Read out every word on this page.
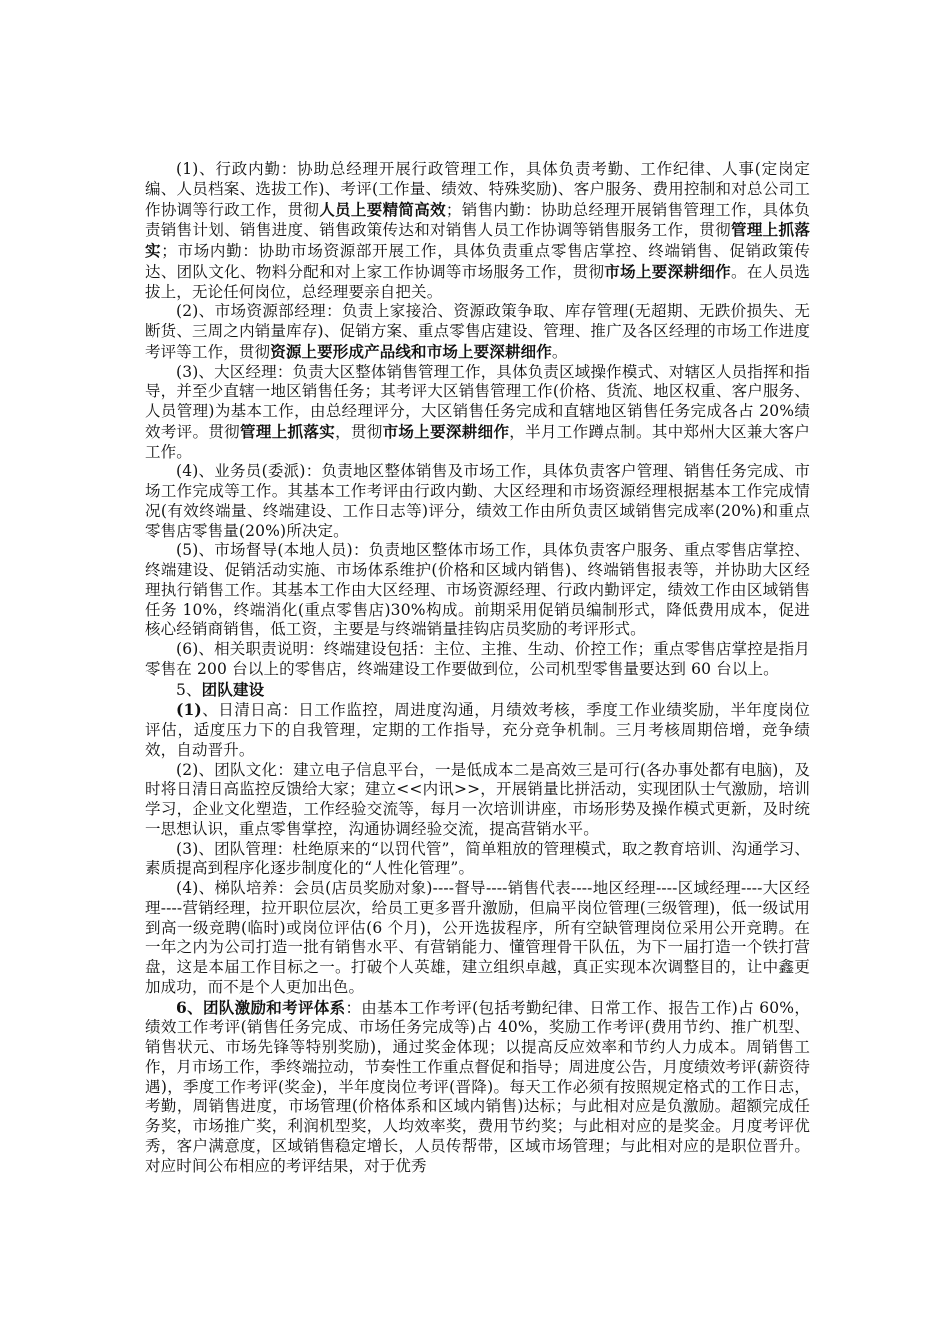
(1)、行政内勤：协助总经理开展行政管理工作，具体负责考勤、工作纪律、人事(定岗定编、人员档案、选拔工作)、考评(工作量、绩效、特殊奖励)、客户服务、费用控制和对总公司工作协调等行政工作，贯彻人员上要精简高效；销售内勤：协助总经理开展销售管理工作，具体负责销售计划、销售进度、销售政策传达和对销售人员工作协调等销售服务工作，贯彻管理上抓落实；市场内勤：协助市场资源部开展工作，具体负责重点零售店掌控、终端销售、促销政策传达、团队文化、物料分配和对上家工作协调等市场服务工作，贯彻市场上要深耕细作。在人员选拔上，无论任何岗位，总经理要亲自把关。

(2)、市场资源部经理：负责上家接洽、资源政策争取、库存管理(无超期、无跌价损失、无断货、三周之内销量库存)、促销方案、重点零售店建设、管理、推广及各区经理的市场工作进度考评等工作，贯彻资源上要形成产品线和市场上要深耕细作。

(3)、大区经理：负责大区整体销售管理工作，具体负责区域操作模式、对辖区人员指挥和指导，并至少直辖一地区销售任务；其考评大区销售管理工作(价格、货流、地区权重、客户服务、人员管理)为基本工作，由总经理评分，大区销售任务完成和直辖地区销售任务完成各占 20%绩效考评。贯彻管理上抓落实，贯彻市场上要深耕细作，半月工作蹲点制。其中郑州大区兼大客户工作。

(4)、业务员(委派)：负责地区整体销售及市场工作，具体负责客户管理、销售任务完成、市场工作完成等工作。其基本工作考评由行政内勤、大区经理和市场资源经理根据基本工作完成情况(有效终端量、终端建设、工作日志等)评分，绩效工作由所负责区域销售完成率(20%)和重点零售店零售量(20%)所决定。

(5)、市场督导(本地人员)：负责地区整体市场工作，具体负责客户服务、重点零售店掌控、终端建设、促销活动实施、市场体系维护(价格和区域内销售)、终端销售报表等，并协助大区经理执行销售工作。其基本工作由大区经理、市场资源经理、行政内勤评定，绩效工作由区域销售任务 10%，终端消化(重点零售店)30%构成。前期采用促销员编制形式，降低费用成本，促进核心经销商销售，低工资，主要是与终端销量挂钩店员奖励的考评形式。

(6)、相关职责说明：终端建设包括：主位、主推、生动、价控工作；重点零售店掌控是指月零售在 200 台以上的零售店，终端建设工作要做到位，公司机型零售量要达到 60 台以上。

5、团队建设

(1)、日清日高：日工作监控，周进度沟通，月绩效考核，季度工作业绩奖励，半年度岗位评估，适度压力下的自我管理，定期的工作指导，充分竞争机制。三月考核周期倍增，竞争绩效，自动晋升。

(2)、团队文化：建立电子信息平台，一是低成本二是高效三是可行(各办事处都有电脑)，及时将日清日高监控反馈给大家；建立<<内讯>>，开展销量比拼活动，实现团队士气激励，培训学习，企业文化塑造，工作经验交流等，每月一次培训讲座，市场形势及操作模式更新，及时统一思想认识，重点零售掌控，沟通协调经验交流，提高营销水平。

(3)、团队管理：杜绝原来的“以罚代管”，简单粗放的管理模式，取之教育培训、沟通学习、素质提高到程序化逐步制度化的“人性化管理”。

(4)、梯队培养：会员(店员奖励对象)----督导----销售代表----地区经理----区域经理----大区经理----营销经理，拉开职位层次，给员工更多晋升激励，但扁平岗位管理(三级管理)，低一级试用到高一级竞聘(临时)或岗位评估(6 个月)，公开选拔程序，所有空缺管理岗位采用公开竞聘。在一年之内为公司打造一批有销售水平、有营销能力、懂管理骨干队伍，为下一届打造一个铁打营盘，这是本届工作目标之一。打破个人英雄，建立组织卓越，真正实现本次调整目的，让中鑫更加成功，而不是个人更加出色。

6、团队激励和考评体系：由基本工作考评(包括考勤纪律、日常工作、报告工作)占 60%，绩效工作考评(销售任务完成、市场任务完成等)占 40%，奖励工作考评(费用节约、推广机型、销售状元、市场先锋等特别奖励)，通过奖金体现；以提高反应效率和节约人力成本。周销售工作，月市场工作，季终端拉动，节奏性工作重点督促和指导；周进度公告，月度绩效考评(薪资待遇)，季度工作考评(奖金)，半年度岗位考评(晋降)。每天工作必须有按照规定格式的工作日志，考勤，周销售进度，市场管理(价格体系和区域内销售)达标；与此相对应是负激励。超额完成任务奖，市场推广奖，利润机型奖，人均效率奖，费用节约奖；与此相对应的是奖金。月度考评优秀，客户满意度，区域销售稳定增长，人员传帮带，区域市场管理；与此相对应的是职位晋升。对应时间公布相应的考评结果，对于优秀
